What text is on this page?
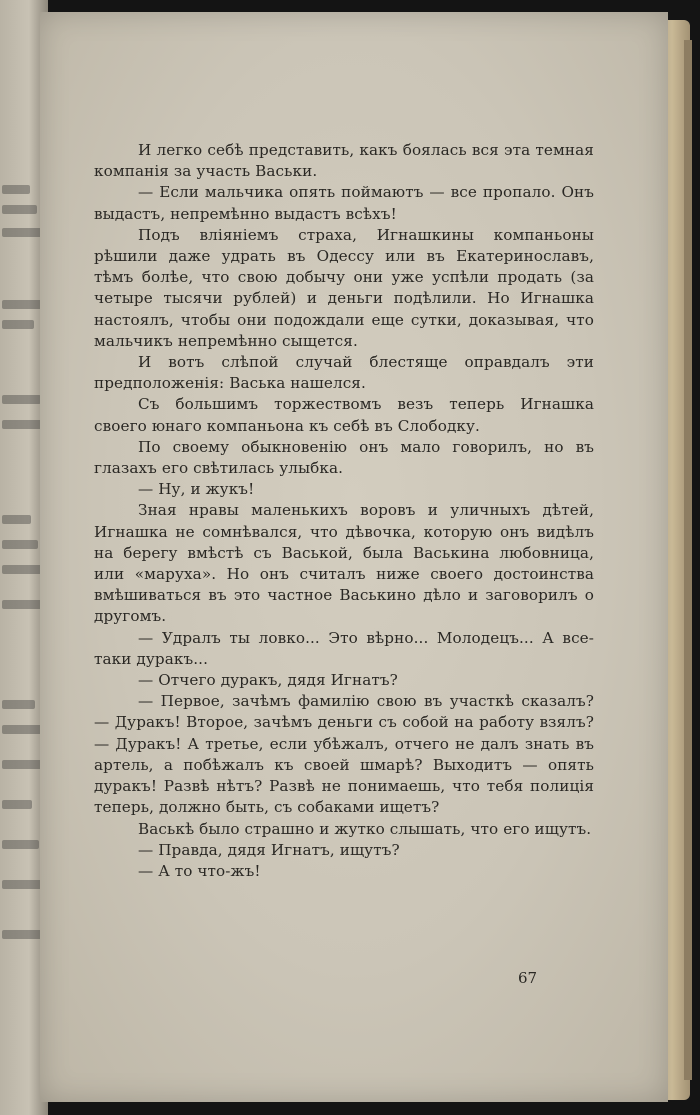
И легко себѣ представить, какъ боялась вся эта темная компанія за участь Васьки.

— Если мальчика опять поймаютъ — все пропало. Онъ выдастъ, непремѣнно выдастъ всѣхъ!

Подъ вліяніемъ страха, Игнашкины компаньоны рѣшили даже удрать въ Одессу или въ Екатеринославъ, тѣмъ болѣе, что свою добычу они уже успѣли продать (за четыре тысячи рублей) и деньги подѣлили. Но Игнашка настоялъ, чтобы они подождали еще сутки, доказывая, что мальчикъ непремѣнно сыщется.

И вотъ слѣпой случай блестяще оправдалъ эти предположенія: Васька нашелся.

Съ большимъ торжествомъ везъ теперь Игнашка своего юнаго компаньона къ себѣ въ Слободку.

По своему обыкновенію онъ мало говорилъ, но въ глазахъ его свѣтилась улыбка.

— Ну, и жукъ!

Зная нравы маленькихъ воровъ и уличныхъ дѣтей, Игнашка не сомнѣвался, что дѣвочка, которую онъ видѣлъ на берегу вмѣстѣ съ Васькой, была Васькина любовница, или «маруха». Но онъ считалъ ниже своего достоинства вмѣшиваться въ это частное Васькино дѣло и заговорилъ о другомъ.

— Удралъ ты ловко... Это вѣрно... Молодецъ... А все-таки дуракъ...

— Отчего дуракъ, дядя Игнатъ?

— Первое, зачѣмъ фамилію свою въ участкѣ сказалъ? — Дуракъ! Второе, зачѣмъ деньги съ собой на работу взялъ? — Дуракъ! А третье, если убѣжалъ, отчего не далъ знать въ артель, а побѣжалъ къ своей шмарѣ? Выходитъ — опять дуракъ! Развѣ нѣтъ? Развѣ не понимаешь, что тебя полиція теперь, должно быть, съ собаками ищетъ?

Васькѣ было страшно и жутко слышать, что его ищутъ.

— Правда, дядя Игнатъ, ищутъ?

— А то что-жъ!

67
